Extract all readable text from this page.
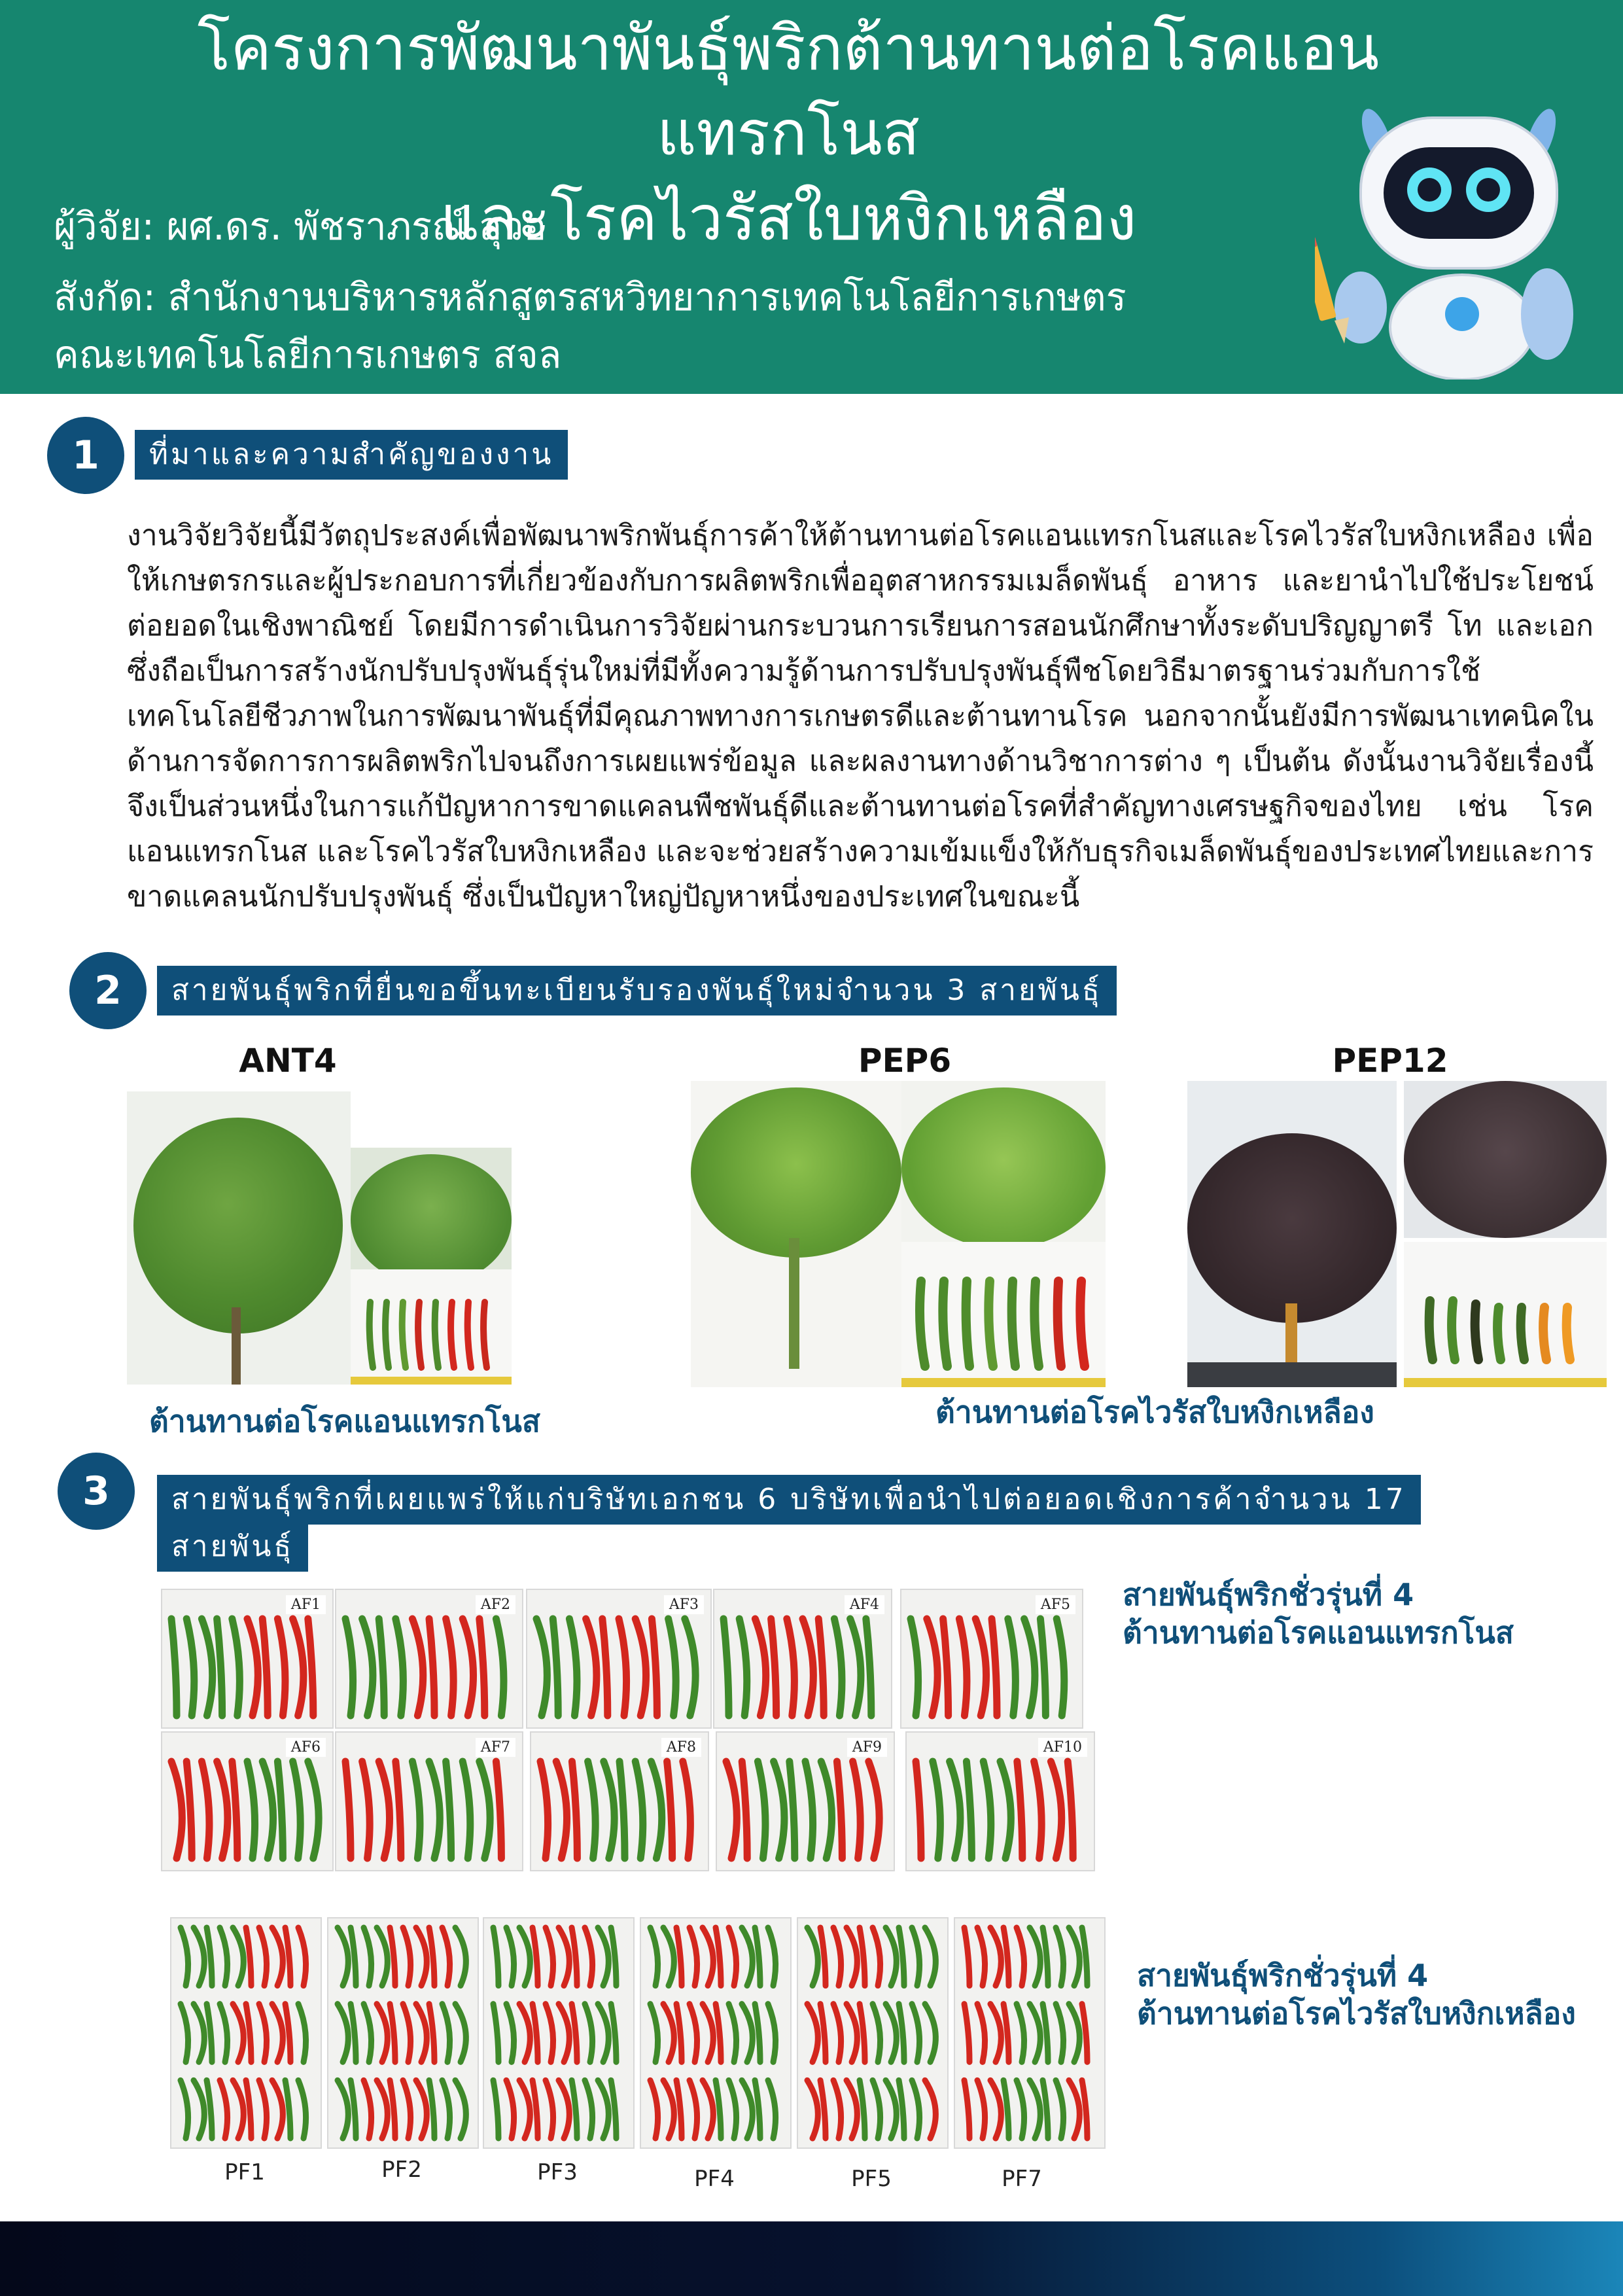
โครงการพัฒนาพันธุ์พริกต้านทานต่อโรคแอนแทรกโนส
และโรคไวรัสใบหงิกเหลือง
ผู้วิจัย: ผศ.ดร. พัชราภรณ์ สุวอ
สังกัด: สำนักงานบริหารหลักสูตรสหวิทยาการเทคโนโลยีการเกษตร
คณะเทคโนโลยีการเกษตร สจล
1	ที่มาและความสำคัญของงาน

งานวิจัยวิจัยนี้มีวัตถุประสงค์เพื่อพัฒนาพริกพันธุ์การค้าให้ต้านทานต่อโรคแอนแทรกโนสและโรคไวรัสใบหงิกเหลือง เพื่อให้เกษตรกรและผู้ประกอบการที่เกี่ยวข้องกับการผลิตพริกเพื่ออุตสาหกรรมเมล็ดพันธุ์ อาหาร และยานำไปใช้ประโยชน์ต่อยอดในเชิงพาณิชย์ โดยมีการดำเนินการวิจัยผ่านกระบวนการเรียนการสอนนักศึกษาทั้งระดับปริญญาตรี โท และเอก ซึ่งถือเป็นการสร้างนักปรับปรุงพันธุ์รุ่นใหม่ที่มีทั้งความรู้ด้านการปรับปรุงพันธุ์พืชโดยวิธีมาตรฐานร่วมกับการใช้เทคโนโลยีชีวภาพในการพัฒนาพันธุ์ที่มีคุณภาพทางการเกษตรดีและต้านทานโรค นอกจากนั้นยังมีการพัฒนาเทคนิคในด้านการจัดการการผลิตพริกไปจนถึงการเผยแพร่ข้อมูล และผลงานทางด้านวิชาการต่าง ๆ เป็นต้น ดังนั้นงานวิจัยเรื่องนี้จึงเป็นส่วนหนึ่งในการแก้ปัญหาการขาดแคลนพืชพันธุ์ดีและต้านทานต่อโรคที่สำคัญทางเศรษฐกิจของไทย เช่น โรคแอนแทรกโนส และโรคไวรัสใบหงิกเหลือง และจะช่วยสร้างความเข้มแข็งให้กับธุรกิจเมล็ดพันธุ์ของประเทศไทยและการขาดแคลนนักปรับปรุงพันธุ์ ซึ่งเป็นปัญหาใหญ่ปัญหาหนึ่งของประเทศในขณะนี้

2	สายพันธุ์พริกที่ยื่นขอขึ้นทะเบียนรับรองพันธุ์ใหม่จำนวน 3 สายพันธุ์
ANT4	PEP6	PEP12
ต้านทานต่อโรคแอนแทรกโนส	ต้านทานต่อโรคไวรัสใบหงิกเหลือง
3	สายพันธุ์พริกที่เผยแพร่ให้แก่บริษัทเอกชน 6 บริษัทเพื่อนำไปต่อยอดเชิงการค้าจำนวน 17
สายพันธุ์
AF1	AF2	AF3	AF4	AF5
AF6	AF7	AF8	AF9	AF10
สายพันธุ์พริกชั่วรุ่นที่ 4
ต้านทานต่อโรคแอนแทรกโนส
PF1	PF2	PF3	PF4	PF5	PF7
สายพันธุ์พริกชั่วรุ่นที่ 4
ต้านทานต่อโรคไวรัสใบหงิกเหลือง
